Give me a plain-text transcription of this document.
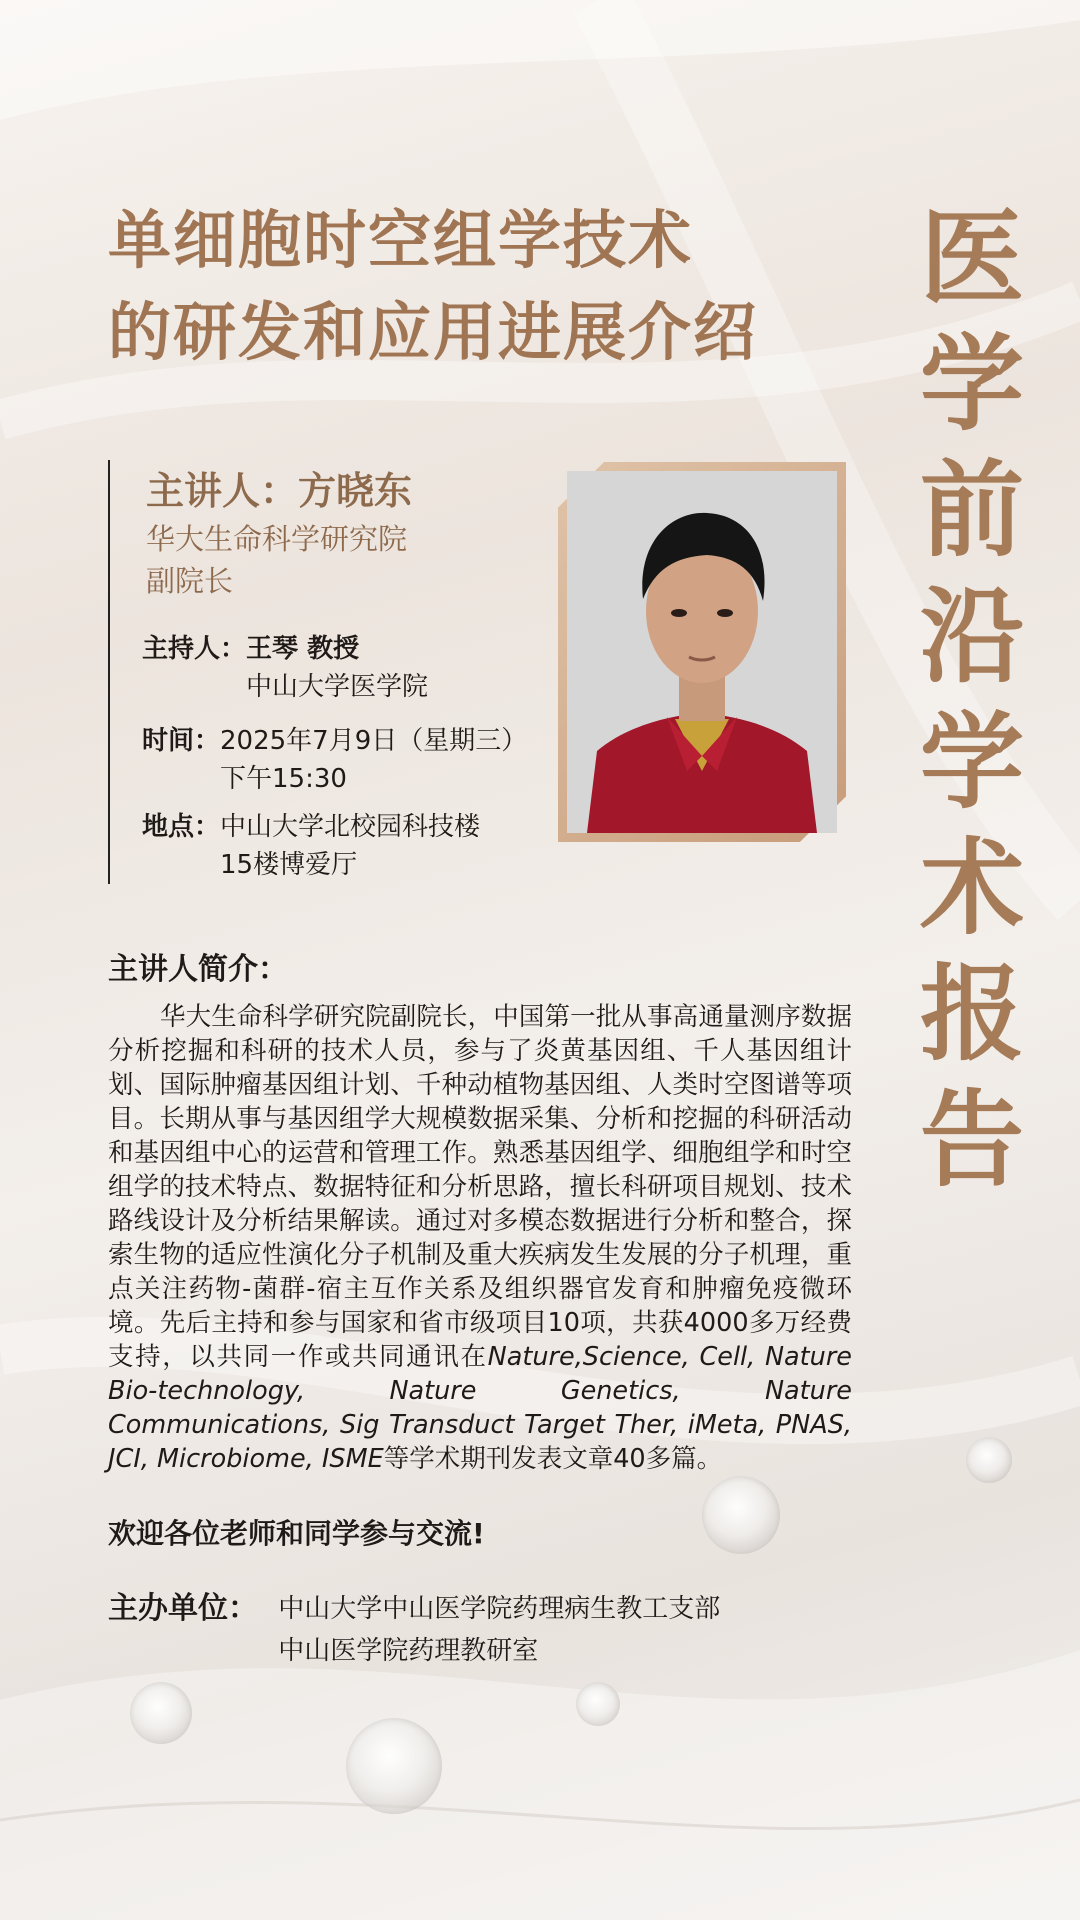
单细胞时空组学技术
的研发和应用进展介绍
医
学
前
沿
学
术
报
告
主讲人：方晓东
华大生命科学研究院
副院长
主持人：王琴 教授
中山大学医学院
时间：2025年7月9日（星期三）
下午15:30
地点：中山大学北校园科技楼
15楼博爱厅
主讲人简介：

华大生命科学研究院副院长，中国第一批从事高通量测序数据分析挖掘和科研的技术人员，参与了炎黄基因组、千人基因组计划、国际肿瘤基因组计划、千种动植物基因组、人类时空图谱等项目。长期从事与基因组学大规模数据采集、分析和挖掘的科研活动和基因组中心的运营和管理工作。熟悉基因组学、细胞组学和时空组学的技术特点、数据特征和分析思路，擅长科研项目规划、技术路线设计及分析结果解读。通过对多模态数据进行分析和整合，探索生物的适应性演化分子机制及重大疾病发生发展的分子机理，重点关注药物-菌群-宿主互作关系及组织器官发育和肿瘤免疫微环境。先后主持和参与国家和省市级项目10项，共获4000多万经费支持，以共同一作或共同通讯在Nature,Science, Cell, Nature Bio-technology, Nature Genetics, Nature Communications, Sig Transduct Target Ther, iMeta, PNAS, JCI, Microbiome, ISME等学术期刊发表文章40多篇。

欢迎各位老师和同学参与交流!
主办单位： 中山大学中山医学院药理病生教工支部
中山医学院药理教研室
